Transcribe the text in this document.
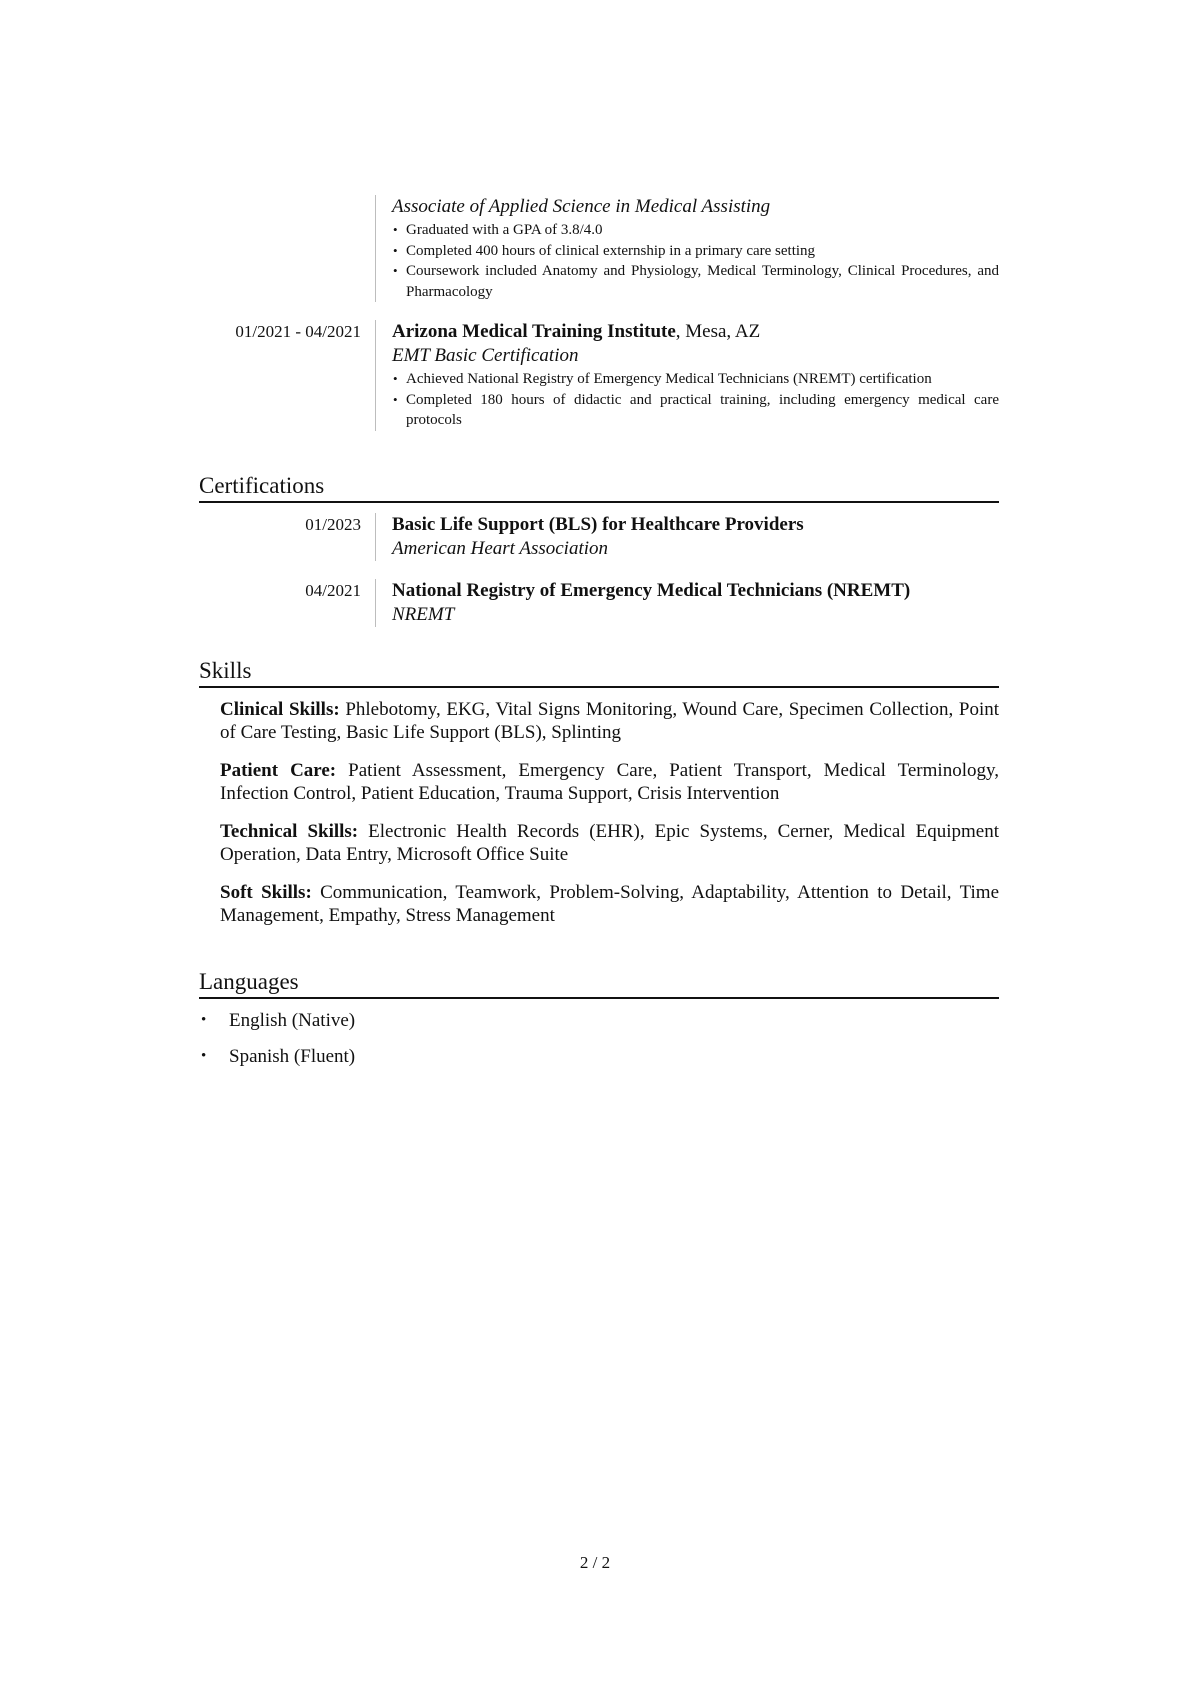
Associate of Applied Science in Medical Assisting
• Graduated with a GPA of 3.8/4.0
• Completed 400 hours of clinical externship in a primary care setting
• Coursework included Anatomy and Physiology, Medical Terminology, Clinical Procedures, and Pharmacology
01/2021 - 04/2021	Arizona Medical Training Institute, Mesa, AZ
EMT Basic Certification
• Achieved National Registry of Emergency Medical Technicians (NREMT) certification
• Completed 180 hours of didactic and practical training, including emergency medical care protocols
Certifications
01/2023	Basic Life Support (BLS) for Healthcare Providers
American Heart Association
04/2021	National Registry of Emergency Medical Technicians (NREMT)
NREMT
Skills
Clinical Skills: Phlebotomy, EKG, Vital Signs Monitoring, Wound Care, Specimen Collection, Point of Care Testing, Basic Life Support (BLS), Splinting
Patient Care: Patient Assessment, Emergency Care, Patient Transport, Medical Terminology, Infection Control, Patient Education, Trauma Support, Crisis Intervention
Technical Skills: Electronic Health Records (EHR), Epic Systems, Cerner, Medical Equipment Operation, Data Entry, Microsoft Office Suite
Soft Skills: Communication, Teamwork, Problem-Solving, Adaptability, Attention to Detail, Time Management, Empathy, Stress Management
Languages
• English (Native)
• Spanish (Fluent)
2 / 2
